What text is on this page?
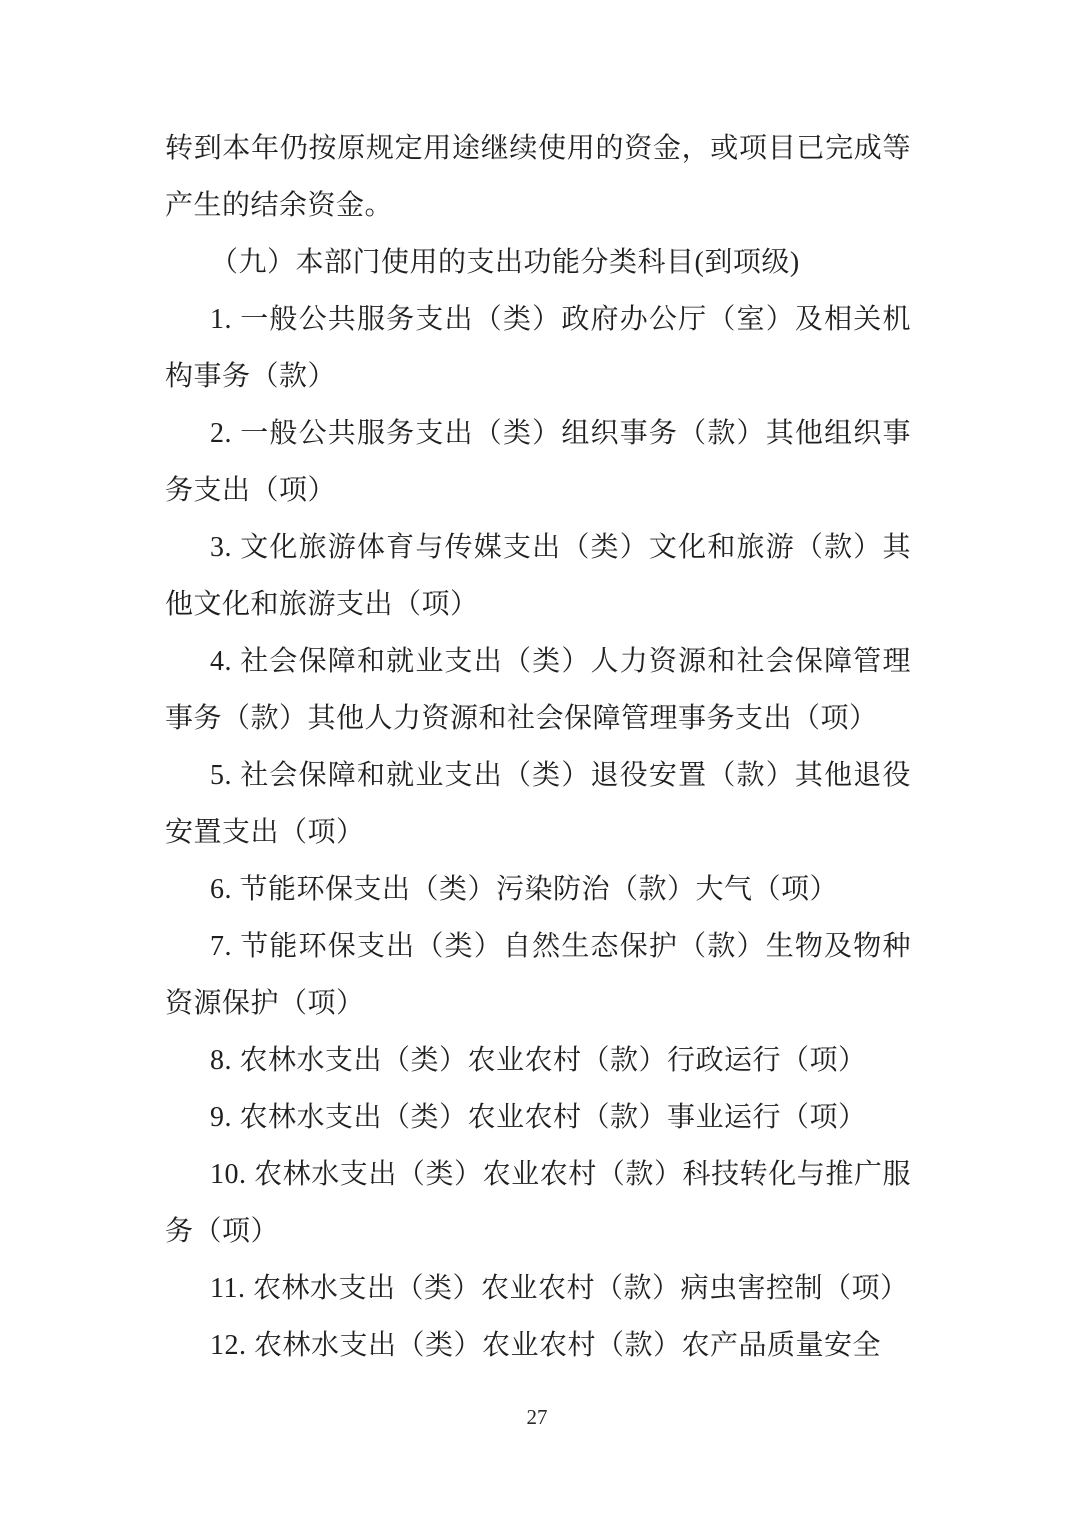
转到本年仍按原规定用途继续使用的资金，或项目已完成等产生的结余资金。

（九）本部门使用的支出功能分类科目(到项级)

1. 一般公共服务支出（类）政府办公厅（室）及相关机构事务（款）

2. 一般公共服务支出（类）组织事务（款）其他组织事务支出（项）

3. 文化旅游体育与传媒支出（类）文化和旅游（款）其他文化和旅游支出（项）

4. 社会保障和就业支出（类）人力资源和社会保障管理事务（款）其他人力资源和社会保障管理事务支出（项）

5. 社会保障和就业支出（类）退役安置（款）其他退役安置支出（项）

6. 节能环保支出（类）污染防治（款）大气（项）

7. 节能环保支出（类）自然生态保护（款）生物及物种资源保护（项）

8. 农林水支出（类）农业农村（款）行政运行（项）

9. 农林水支出（类）农业农村（款）事业运行（项）

10. 农林水支出（类）农业农村（款）科技转化与推广服务（项）

11. 农林水支出（类）农业农村（款）病虫害控制（项）

12. 农林水支出（类）农业农村（款）农产品质量安全

27
